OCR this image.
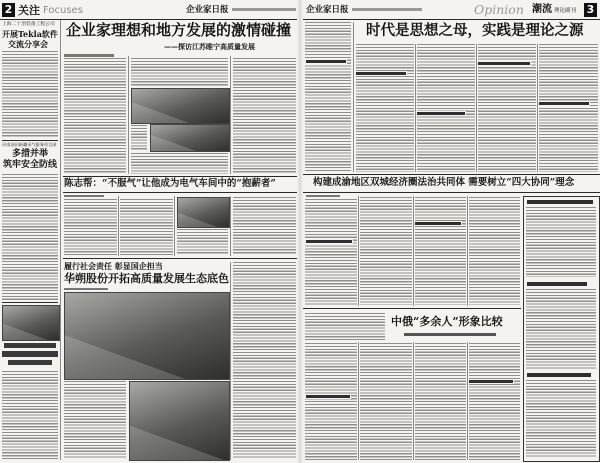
2 关注 Focuses	企业家日报
上海二十冶装备工程公司
开展Tekla软件
交流分享会
河南油田新疆采气服务项目部
多措并举
筑牢安全防线
企业家理想和地方发展的激情碰撞
——探访江苏睢宁高质量发展
陈志帮：“不服气”让他成为电气车间中的“抱薪者”
履行社会责任 彰显国企担当
华朔股份开拓高质量发展生态底色
企业家日报	Opinion 潮流 理论副刊 3
时代是思想之母，实践是理论之源
构建成渝地区双城经济圈法治共同体 需要树立“四大协同”理念
中俄“多余人”形象比较
